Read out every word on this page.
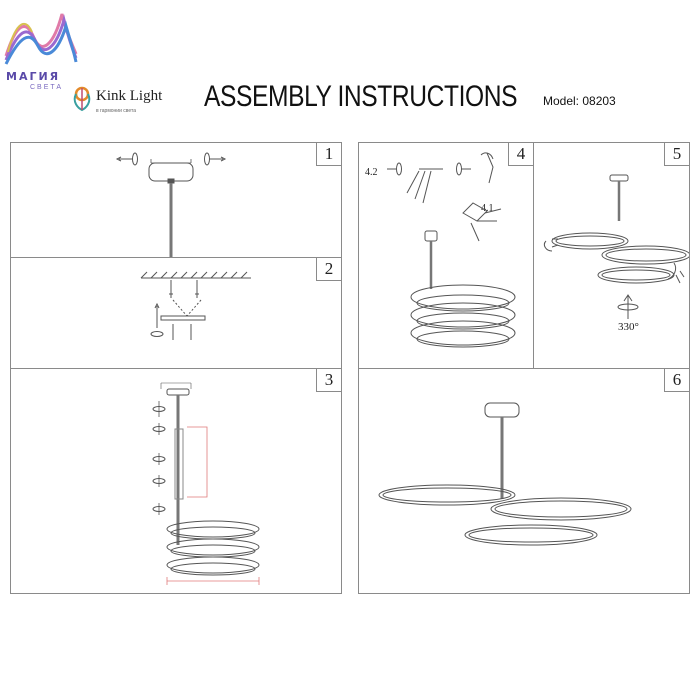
МАГИЯ
СВЕТА
Kink Light
в гармонии света ASSEMBLY INSTRUCTIONS Model: 08203
1
2
3
4
4.2
4.1
5
330°
6
